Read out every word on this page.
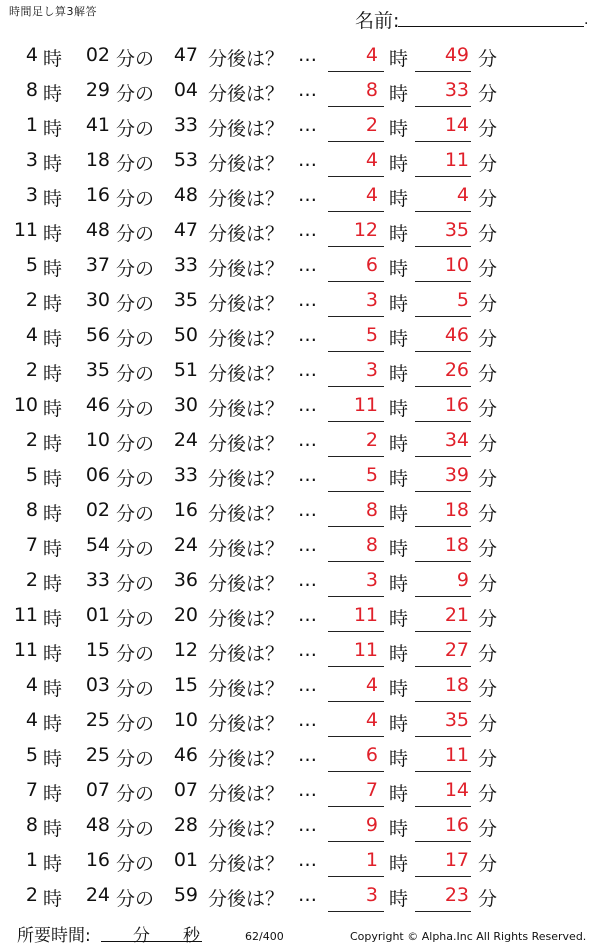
時間足し算3解答	名前:	.
4 時	02 分の	47 分後は？ …	4 時	49 分
8 時	29 分の	04 分後は？ …	8 時	33 分
1 時	41 分の	33 分後は？ …	2 時	14 分
3 時	18 分の	53 分後は？ …	4 時	11 分
3 時	16 分の	48 分後は？ …	4 時	4 分
11 時	48 分の	47 分後は？ …	12 時	35 分
5 時	37 分の	33 分後は？ …	6 時	10 分
2 時	30 分の	35 分後は？ …	3 時	5 分
4 時	56 分の	50 分後は？ …	5 時	46 分
2 時	35 分の	51 分後は？ …	3 時	26 分
10 時	46 分の	30 分後は？ …	11 時	16 分
2 時	10 分の	24 分後は？ …	2 時	34 分
5 時	06 分の	33 分後は？ …	5 時	39 分
8 時	02 分の	16 分後は？ …	8 時	18 分
7 時	54 分の	24 分後は？ …	8 時	18 分
2 時	33 分の	36 分後は？ …	3 時	9 分
11 時	01 分の	20 分後は？ …	11 時	21 分
11 時	15 分の	12 分後は？ …	11 時	27 分
4 時	03 分の	15 分後は？ …	4 時	18 分
4 時	25 分の	10 分後は？ …	4 時	35 分
5 時	25 分の	46 分後は？ …	6 時	11 分
7 時	07 分の	07 分後は？ …	7 時	14 分
8 時	48 分の	28 分後は？ …	9 時	16 分
1 時	16 分の	01 分後は？ …	1 時	17 分
2 時	24 分の	59 分後は？ …	3 時	23 分
所要時間: 分 秒	62/400	Copyright © Alpha.Inc All Rights Reserved.
